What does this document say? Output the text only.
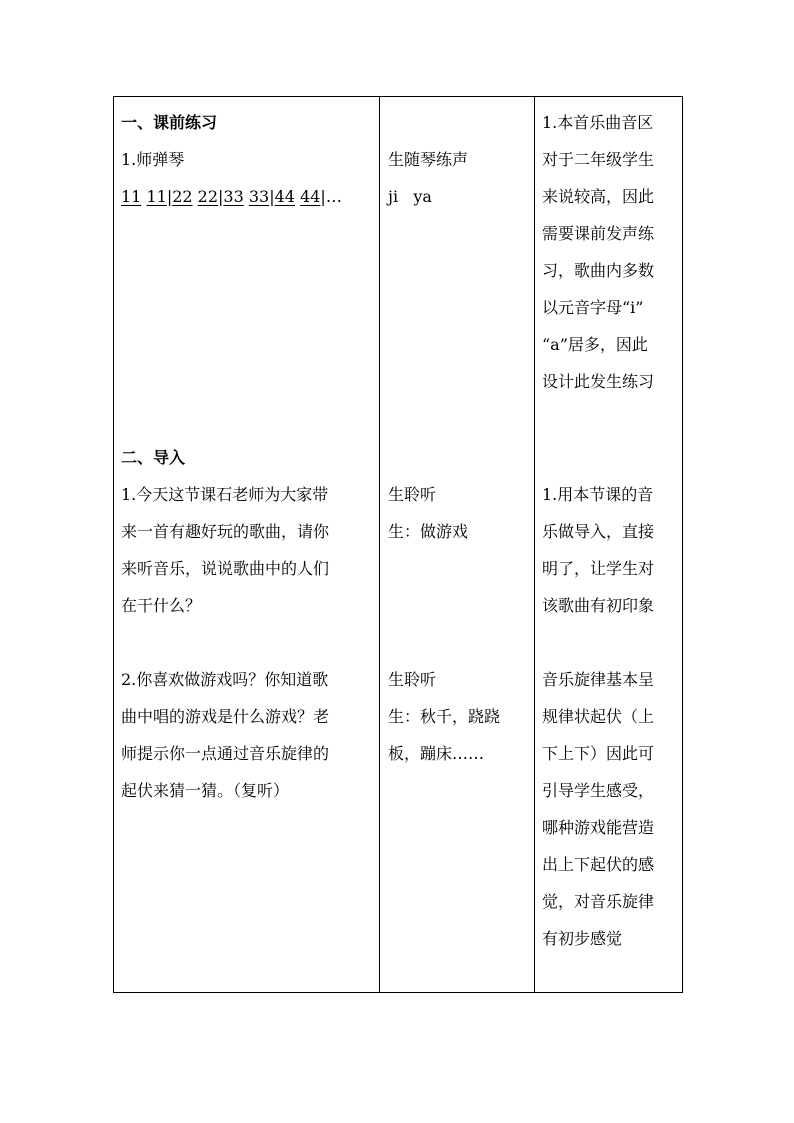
一、课前练习
1.师弹琴
11 11|22 22|33 33|44 44|…
生随琴练声
ji   ya
1.本首乐曲音区
对于二年级学生
来说较高，因此
需要课前发声练
习，歌曲内多数
以元音字母“i”
“a”居多，因此
设计此发生练习
二、导入
1.今天这节课石老师为大家带
来一首有趣好玩的歌曲，请你
来听音乐，说说歌曲中的人们
在干什么？
2.你喜欢做游戏吗？你知道歌
曲中唱的游戏是什么游戏？老
师提示你一点通过音乐旋律的
起伏来猜一猜。（复听）
生聆听
生：做游戏
生聆听
生：秋千，跷跷
板，蹦床……
1.用本节课的音
乐做导入，直接
明了，让学生对
该歌曲有初印象
音乐旋律基本呈
规律状起伏（上
下上下）因此可
引导学生感受，
哪种游戏能营造
出上下起伏的感
觉，对音乐旋律
有初步感觉
